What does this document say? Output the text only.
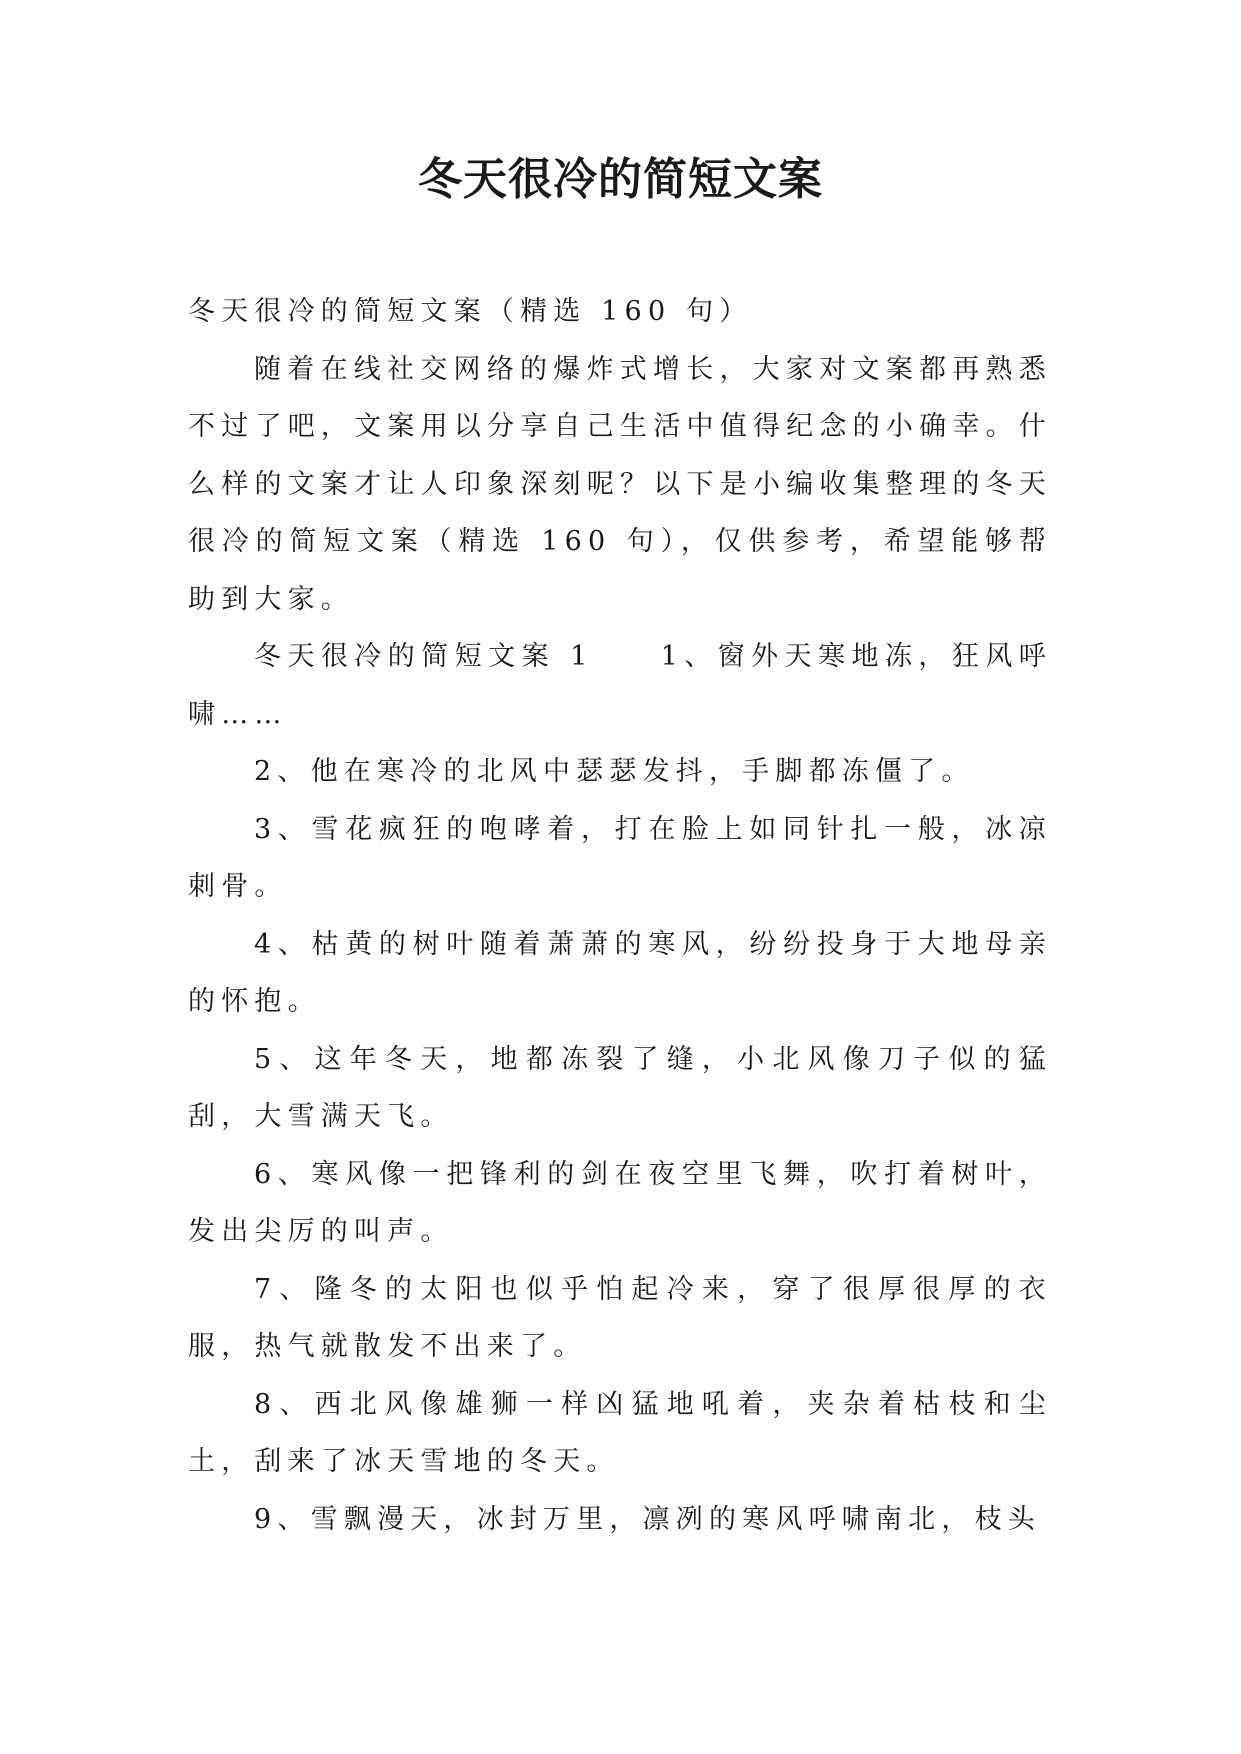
冬天很冷的简短文案

冬天很冷的简短文案（精选 160 句）

随着在线社交网络的爆炸式增长，大家对文案都再熟悉不过了吧，文案用以分享自己生活中值得纪念的小确幸。什么样的文案才让人印象深刻呢？以下是小编收集整理的冬天很冷的简短文案（精选 160 句），仅供参考，希望能够帮助到大家。

冬天很冷的简短文案 1　　1、窗外天寒地冻，狂风呼啸……

2、他在寒冷的北风中瑟瑟发抖，手脚都冻僵了。

3、雪花疯狂的咆哮着，打在脸上如同针扎一般，冰凉刺骨。

4、枯黄的树叶随着萧萧的寒风，纷纷投身于大地母亲的怀抱。

5、这年冬天，地都冻裂了缝，小北风像刀子似的猛刮，大雪满天飞。

6、寒风像一把锋利的剑在夜空里飞舞，吹打着树叶，发出尖厉的叫声。

7、隆冬的太阳也似乎怕起冷来，穿了很厚很厚的衣服，热气就散发不出来了。

8、西北风像雄狮一样凶猛地吼着，夹杂着枯枝和尘土，刮来了冰天雪地的冬天。

9、雪飘漫天，冰封万里，凛冽的寒风呼啸南北，枝头
